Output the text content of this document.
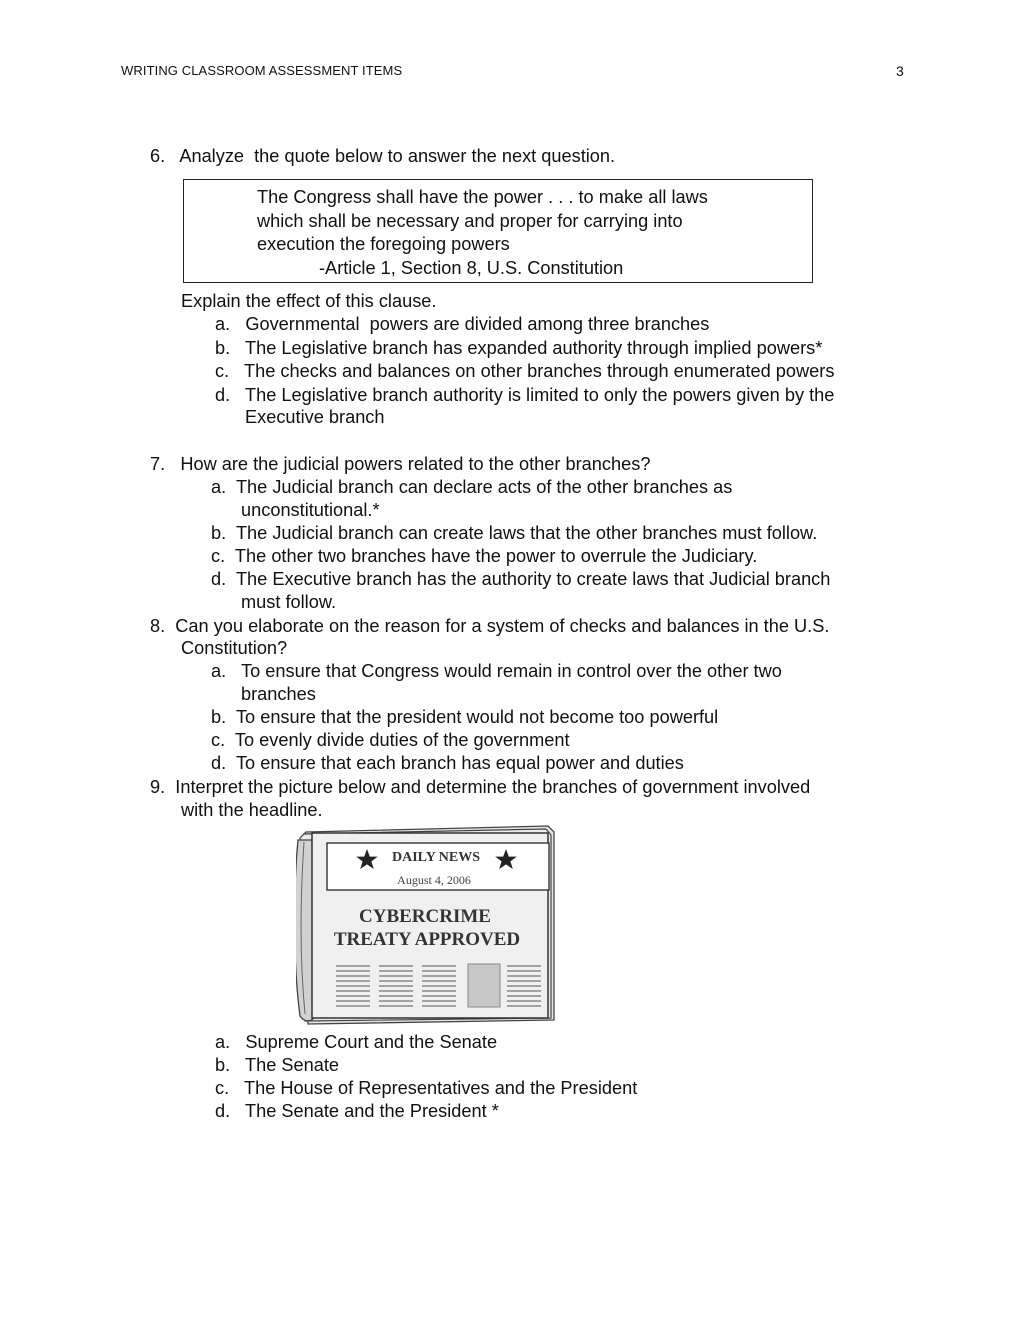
WRITING CLASSROOM ASSESSMENT ITEMS	3
6.   Analyze  the quote below to answer the next question.
The Congress shall have the power . . . to make all laws
which shall be necessary and proper for carrying into
execution the foregoing powers
-Article 1, Section 8, U.S. Constitution
Explain the effect of this clause.
a.   Governmental  powers are divided among three branches
b.   The Legislative branch has expanded authority through implied powers*
c.   The checks and balances on other branches through enumerated powers
d.   The Legislative branch authority is limited to only the powers given by the
Executive branch
7.   How are the judicial powers related to the other branches?
a.  The Judicial branch can declare acts of the other branches as
unconstitutional.*
b.  The Judicial branch can create laws that the other branches must follow.
c.  The other two branches have the power to overrule the Judiciary.
d.  The Executive branch has the authority to create laws that Judicial branch
must follow.
8.  Can you elaborate on the reason for a system of checks and balances in the U.S.
Constitution?
a.   To ensure that Congress would remain in control over the other two
branches
b.  To ensure that the president would not become too powerful
c.  To evenly divide duties of the government
d.  To ensure that each branch has equal power and duties
9.  Interpret the picture below and determine the branches of government involved
with the headline.
DAILY NEWS
August 4, 2006
CYBERCRIME
TREATY APPROVED
a.   Supreme Court and the Senate
b.   The Senate
c.   The House of Representatives and the President
d.   The Senate and the President *
